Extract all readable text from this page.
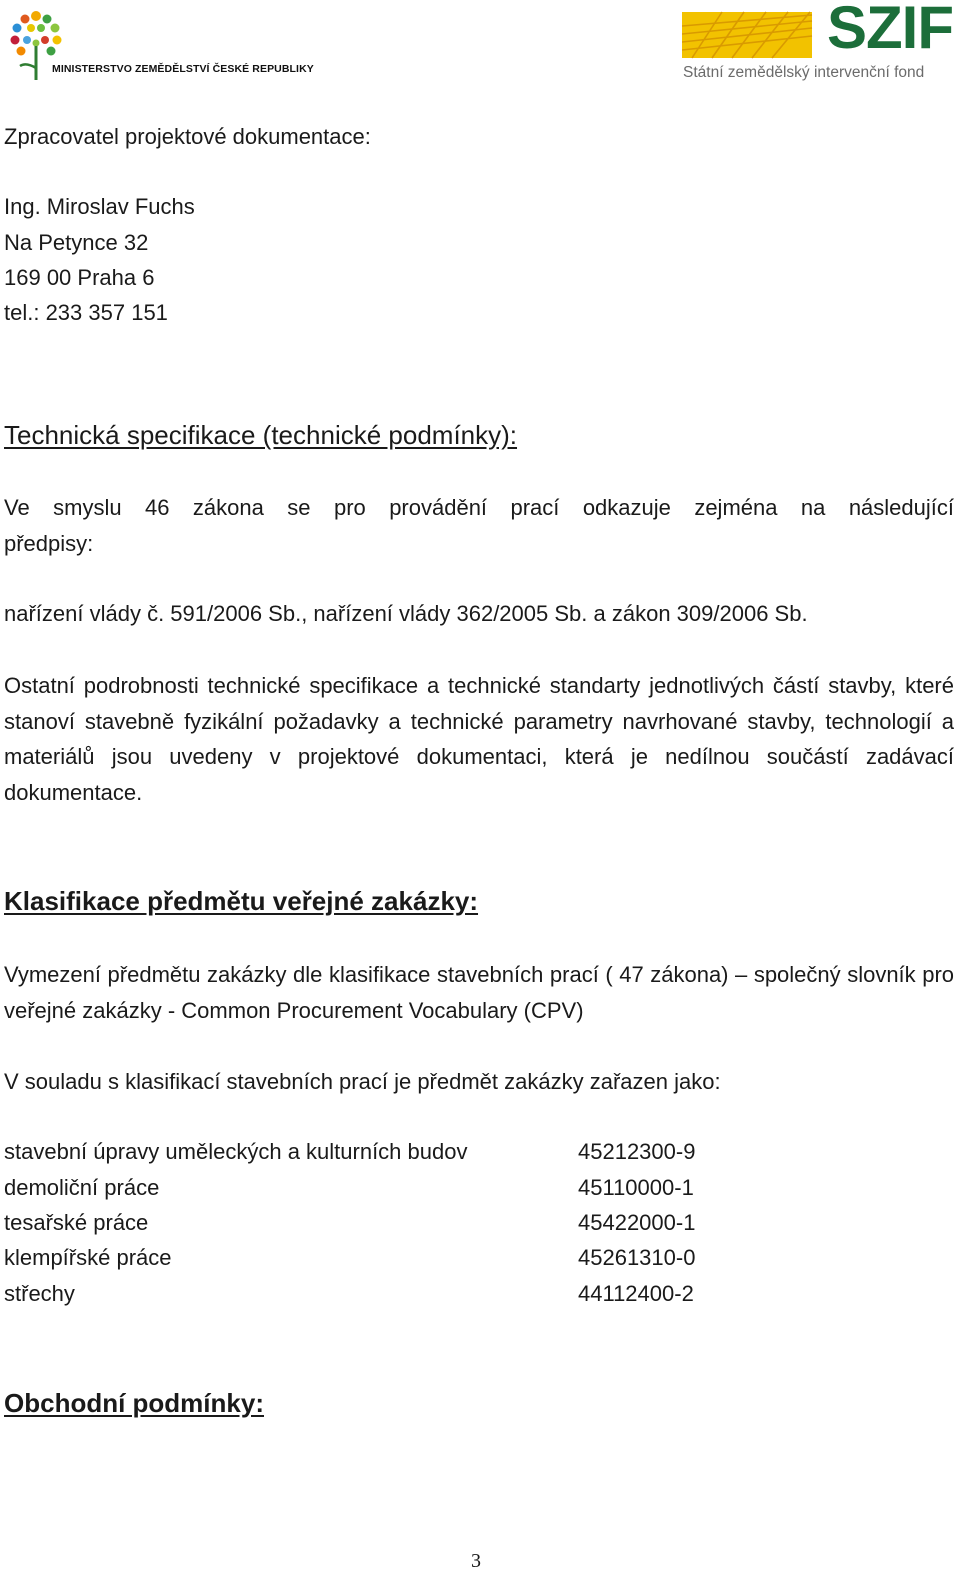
MINISTERSTVO ZEMĚDĚLSTVÍ ČESKÉ REPUBLIKY
SZIF
Státní zemědělský intervenční fond
Zpracovatel projektové dokumentace:
Ing. Miroslav Fuchs
Na Petynce 32
169 00 Praha 6
tel.: 233 357 151
Technická specifikace (technické podmínky):
Ve smyslu 46 zákona se pro provádění prací odkazuje zejména na následující
předpisy:
nařízení vlády č. 591/2006 Sb., nařízení vlády 362/2005 Sb. a zákon 309/2006 Sb.
Ostatní podrobnosti technické specifikace a technické standarty jednotlivých částí stavby, které stanoví stavebně fyzikální požadavky a technické parametry navrhované stavby, technologií a materiálů jsou uvedeny v projektové dokumentaci, která je nedílnou součástí zadávací dokumentace.
Klasifikace předmětu veřejné zakázky:
Vymezení předmětu zakázky dle klasifikace stavebních prací ( 47 zákona) – společný slovník pro veřejné zakázky - Common Procurement Vocabulary (CPV)
V souladu s klasifikací stavebních prací je předmět zakázky zařazen jako:
stavební úpravy uměleckých a kulturních budov	45212300-9
demoliční práce	45110000-1
tesařské práce	45422000-1
klempířské práce	45261310-0
střechy	44112400-2
Obchodní podmínky:
3
